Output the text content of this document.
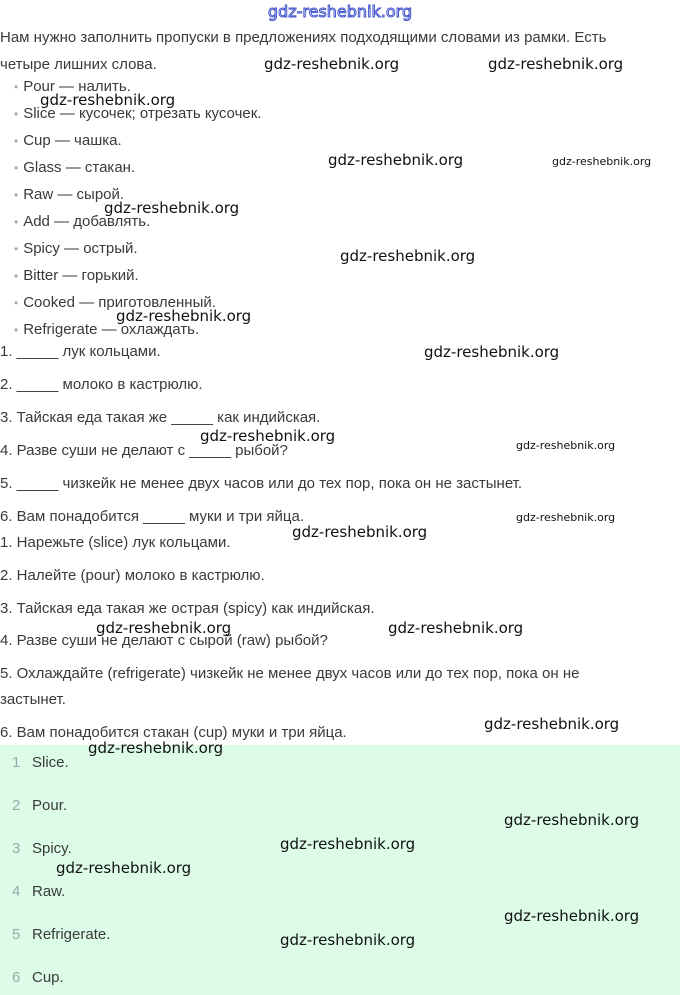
gdz-reshebnik.org
Нам нужно заполнить пропуски в предложениях подходящими словами из рамки. Есть
четыре лишних слова.
• Pour — налить.
• Slice — кусочек; отрезать кусочек.
• Cup — чашка.
• Glass — стакан.
• Raw — сырой.
• Add — добавлять.
• Spicy — острый.
• Bitter — горький.
• Cooked — приготовленный.
• Refrigerate — охлаждать.
1. _____ лук кольцами.
2. _____ молоко в кастрюлю.
3. Тайская еда такая же _____ как индийская.
4. Разве суши не делают с _____ рыбой?
5. _____ чизкейк не менее двух часов или до тех пор, пока он не застынет.
6. Вам понадобится _____ муки и три яйца.
1. Нарежьте (slice) лук кольцами.
2. Налейте (pour) молоко в кастрюлю.
3. Тайская еда такая же острая (spicy) как индийская.
4. Разве суши не делают с сырой (raw) рыбой?
5. Охлаждайте (refrigerate) чизкейк не менее двух часов или до тех пор, пока он не
застынет.
6. Вам понадобится стакан (cup) муки и три яйца.
1 Slice.
2 Pour.
3 Spicy.
4 Raw.
5 Refrigerate.
6 Cup.
gdz-reshebnik.org	gdz-reshebnik.org
gdz-reshebnik.org
gdz-reshebnik.org	gdz-reshebnik.org
gdz-reshebnik.org
gdz-reshebnik.org
gdz-reshebnik.org
gdz-reshebnik.org
gdz-reshebnik.org
gdz-reshebnik.org
gdz-reshebnik.org
gdz-reshebnik.org
gdz-reshebnik.org	gdz-reshebnik.org
gdz-reshebnik.org
gdz-reshebnik.org
gdz-reshebnik.org
gdz-reshebnik.org
gdz-reshebnik.org
gdz-reshebnik.org
gdz-reshebnik.org
